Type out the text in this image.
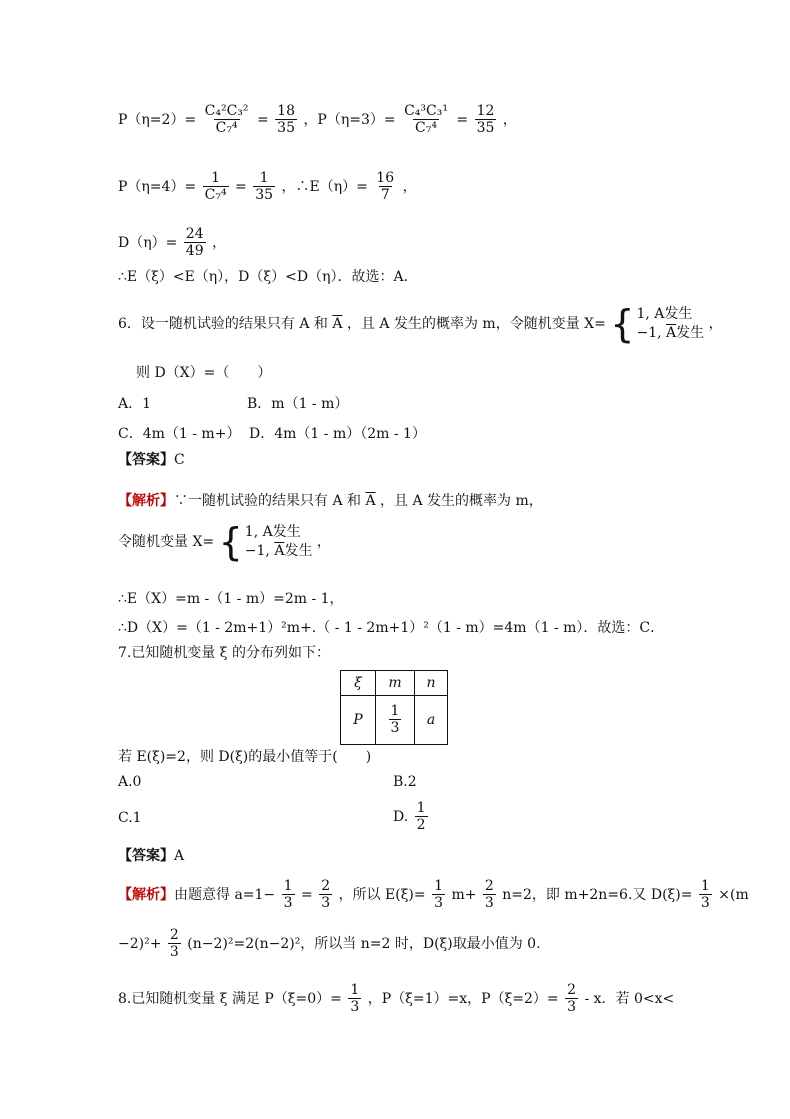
$P(\eta=2)= \frac{\text{C₄²C₃²}}{\text{C₇⁴}} = \frac{18}{35}$ ，$P(\eta=3)= \frac{\text{C₄³C₃¹}}{\text{C₇⁴}} = \frac{12}{35}$ ，
$P(\eta=4)= \frac{1}{\text{C₇⁴}} = \frac{1}{35}$ ，∴E（η）= $\frac{16}{7}$ ，
$D(\eta)= \frac{24}{49}$ ，
∴E（ξ）<E（η），D（ξ）<D（η）．故选：A．
6．设一随机试验的结果只有 A 和 $\overline{A}$ ，且 A 发生的概率为 m，令随机变量 X= { 1, A发生
−1, $\overline{A}$发生
，
则 D（X）=（　　）
A．1	B．m（1 - m）
C．4m（1 - m+） D．4m（1 - m）（2m - 1）
【答案】C
【解析】∵一随机试验的结果只有 A 和 $\overline{A}$ ，且 A 发生的概率为 m，
令随机变量 X= { 1, A发生
−1, $\overline{A}$发生
，
∴E（X）=m -（1 - m）=2m - 1，
∴D（X）=（1 - 2m+1）²m+.（ - 1 - 2m+1）²（1 - m）=4m（1 - m）．故选：C．
7.已知随机变量 ξ 的分布列如下：
ξ	m	n
P	$\frac{1}{3}$	a
若 E(ξ)=2，则 D(ξ)的最小值等于(　　)
A.0	B.2
C.1	D. $\frac{1}{2}$
【答案】A
【解析】由题意得 $a=1- \frac{1}{3} = \frac{2}{3}$ ，所以 $E(\xi)= \frac{1}{3} m+ \frac{2}{3} n=2$，即 m+2n=6.又 $D(\xi)= \frac{1}{3} \times(m$
$-2)^2+ \frac{2}{3} (n-2)^2=2(n-2)^2$，所以当 n=2 时，D(ξ)取最小值为 0.
8.已知随机变量 ξ 满足 $P(\xi=0)= \frac{1}{3}$ ，P（ξ=1）=x，$P(\xi=2)= \frac{2}{3} - x$．若 0<x<
